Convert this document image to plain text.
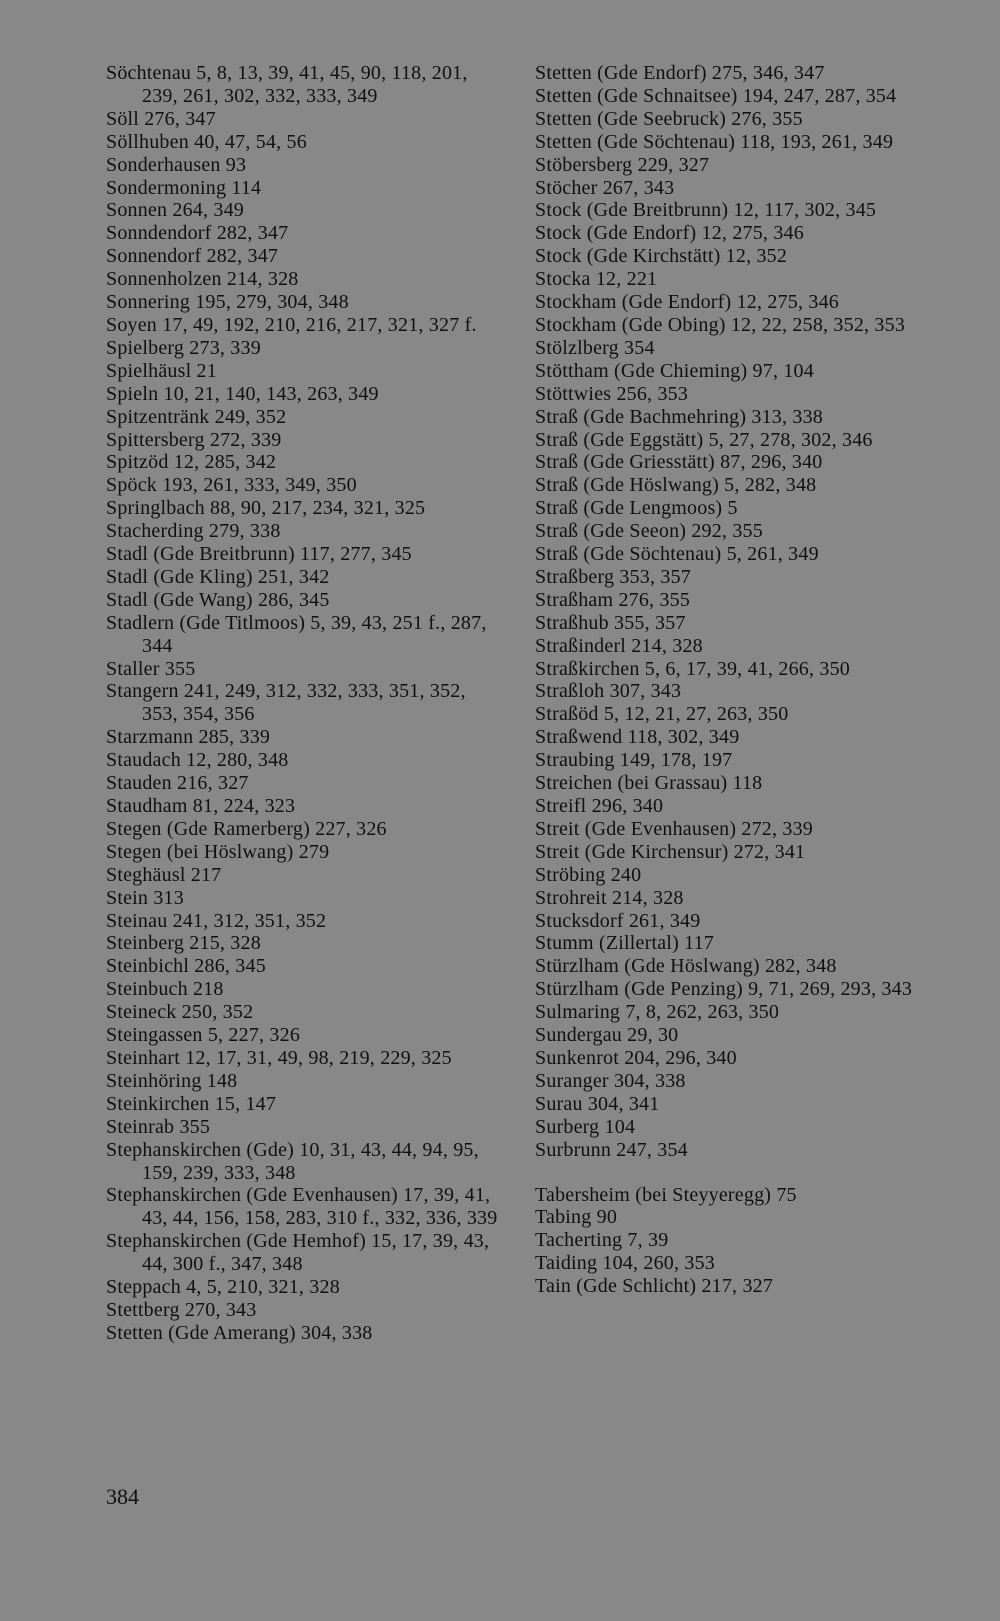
Söchtenau 5, 8, 13, 39, 41, 45, 90, 118, 201, 239, 261, 302, 332, 333, 349
Söll 276, 347
Söllhuben 40, 47, 54, 56
Sonderhausen 93
Sondermoning 114
Sonnen 264, 349
Sonndendorf 282, 347
Sonnendorf 282, 347
Sonnenholzen 214, 328
Sonnering 195, 279, 304, 348
Soyen 17, 49, 192, 210, 216, 217, 321, 327 f.
Spielberg 273, 339
Spielhäusl 21
Spieln 10, 21, 140, 143, 263, 349
Spitzentränk 249, 352
Spittersberg 272, 339
Spitzöd 12, 285, 342
Spöck 193, 261, 333, 349, 350
Springlbach 88, 90, 217, 234, 321, 325
Stacherding 279, 338
Stadl (Gde Breitbrunn) 117, 277, 345
Stadl (Gde Kling) 251, 342
Stadl (Gde Wang) 286, 345
Stadlern (Gde Titlmoos) 5, 39, 43, 251 f., 287, 344
Staller 355
Stangern 241, 249, 312, 332, 333, 351, 352, 353, 354, 356
Starzmann 285, 339
Staudach 12, 280, 348
Stauden 216, 327
Staudham 81, 224, 323
Stegen (Gde Ramerberg) 227, 326
Stegen (bei Höslwang) 279
Steghäusl 217
Stein 313
Steinau 241, 312, 351, 352
Steinberg 215, 328
Steinbichl 286, 345
Steinbuch 218
Steineck 250, 352
Steingassen 5, 227, 326
Steinhart 12, 17, 31, 49, 98, 219, 229, 325
Steinhöring 148
Steinkirchen 15, 147
Steinrab 355
Stephanskirchen (Gde) 10, 31, 43, 44, 94, 95, 159, 239, 333, 348
Stephanskirchen (Gde Evenhausen) 17, 39, 41, 43, 44, 156, 158, 283, 310 f., 332, 336, 339
Stephanskirchen (Gde Hemhof) 15, 17, 39, 43, 44, 300 f., 347, 348
Steppach 4, 5, 210, 321, 328
Stettberg 270, 343
Stetten (Gde Amerang) 304, 338
Stetten (Gde Endorf) 275, 346, 347
Stetten (Gde Schnaitsee) 194, 247, 287, 354
Stetten (Gde Seebruck) 276, 355
Stetten (Gde Söchtenau) 118, 193, 261, 349
Stöbersberg 229, 327
Stöcher 267, 343
Stock (Gde Breitbrunn) 12, 117, 302, 345
Stock (Gde Endorf) 12, 275, 346
Stock (Gde Kirchstätt) 12, 352
Stocka 12, 221
Stockham (Gde Endorf) 12, 275, 346
Stockham (Gde Obing) 12, 22, 258, 352, 353
Stölzlberg 354
Stöttham (Gde Chieming) 97, 104
Stöttwies 256, 353
Straß (Gde Bachmehring) 313, 338
Straß (Gde Eggstätt) 5, 27, 278, 302, 346
Straß (Gde Griesstätt) 87, 296, 340
Straß (Gde Höslwang) 5, 282, 348
Straß (Gde Lengmoos) 5
Straß (Gde Seeon) 292, 355
Straß (Gde Söchtenau) 5, 261, 349
Straßberg 353, 357
Straßham 276, 355
Straßhub 355, 357
Straßinderl 214, 328
Straßkirchen 5, 6, 17, 39, 41, 266, 350
Straßloh 307, 343
Straßöd 5, 12, 21, 27, 263, 350
Straßwend 118, 302, 349
Straubing 149, 178, 197
Streichen (bei Grassau) 118
Streifl 296, 340
Streit (Gde Evenhausen) 272, 339
Streit (Gde Kirchensur) 272, 341
Ströbing 240
Strohreit 214, 328
Stucksdorf 261, 349
Stumm (Zillertal) 117
Stürzlham (Gde Höslwang) 282, 348
Stürzlham (Gde Penzing) 9, 71, 269, 293, 343
Sulmaring 7, 8, 262, 263, 350
Sundergau 29, 30
Sunkenrot 204, 296, 340
Suranger 304, 338
Surau 304, 341
Surberg 104
Surbrunn 247, 354
Tabersheim (bei Steyyeregg) 75
Tabing 90
Tacherting 7, 39
Taiding 104, 260, 353
Tain (Gde Schlicht) 217, 327
384
